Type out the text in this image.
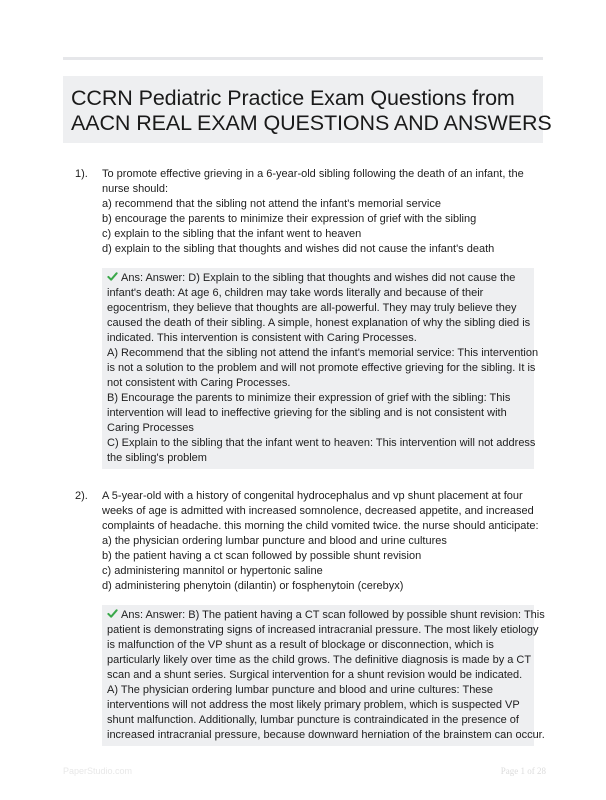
CCRN Pediatric Practice Exam Questions from
AACN REAL EXAM QUESTIONS AND ANSWERS
1). To promote effective grieving in a 6-year-old sibling following the death of an infant, the
nurse should:
a) recommend that the sibling not attend the infant's memorial service
b) encourage the parents to minimize their expression of grief with the sibling
c) explain to the sibling that the infant went to heaven
d) explain to the sibling that thoughts and wishes did not cause the infant's death
Ans: Answer: D) Explain to the sibling that thoughts and wishes did not cause the
infant's death: At age 6, children may take words literally and because of their
egocentrism, they believe that thoughts are all-powerful. They may truly believe they
caused the death of their sibling. A simple, honest explanation of why the sibling died is
indicated. This intervention is consistent with Caring Processes.
A) Recommend that the sibling not attend the infant's memorial service: This intervention
is not a solution to the problem and will not promote effective grieving for the sibling. It is
not consistent with Caring Processes.
B) Encourage the parents to minimize their expression of grief with the sibling: This
intervention will lead to ineffective grieving for the sibling and is not consistent with
Caring Processes
C) Explain to the sibling that the infant went to heaven: This intervention will not address
the sibling's problem
2). A 5-year-old with a history of congenital hydrocephalus and vp shunt placement at four
weeks of age is admitted with increased somnolence, decreased appetite, and increased
complaints of headache. this morning the child vomited twice. the nurse should anticipate:
a) the physician ordering lumbar puncture and blood and urine cultures
b) the patient having a ct scan followed by possible shunt revision
c) administering mannitol or hypertonic saline
d) administering phenytoin (dilantin) or fosphenytoin (cerebyx)
Ans: Answer: B) The patient having a CT scan followed by possible shunt revision: This
patient is demonstrating signs of increased intracranial pressure. The most likely etiology
is malfunction of the VP shunt as a result of blockage or disconnection, which is
particularly likely over time as the child grows. The definitive diagnosis is made by a CT
scan and a shunt series. Surgical intervention for a shunt revision would be indicated.
A) The physician ordering lumbar puncture and blood and urine cultures: These
interventions will not address the most likely primary problem, which is suspected VP
shunt malfunction. Additionally, lumbar puncture is contraindicated in the presence of
increased intracranial pressure, because downward herniation of the brainstem can occur.
PaperStudio.com	Page 1 of 28
